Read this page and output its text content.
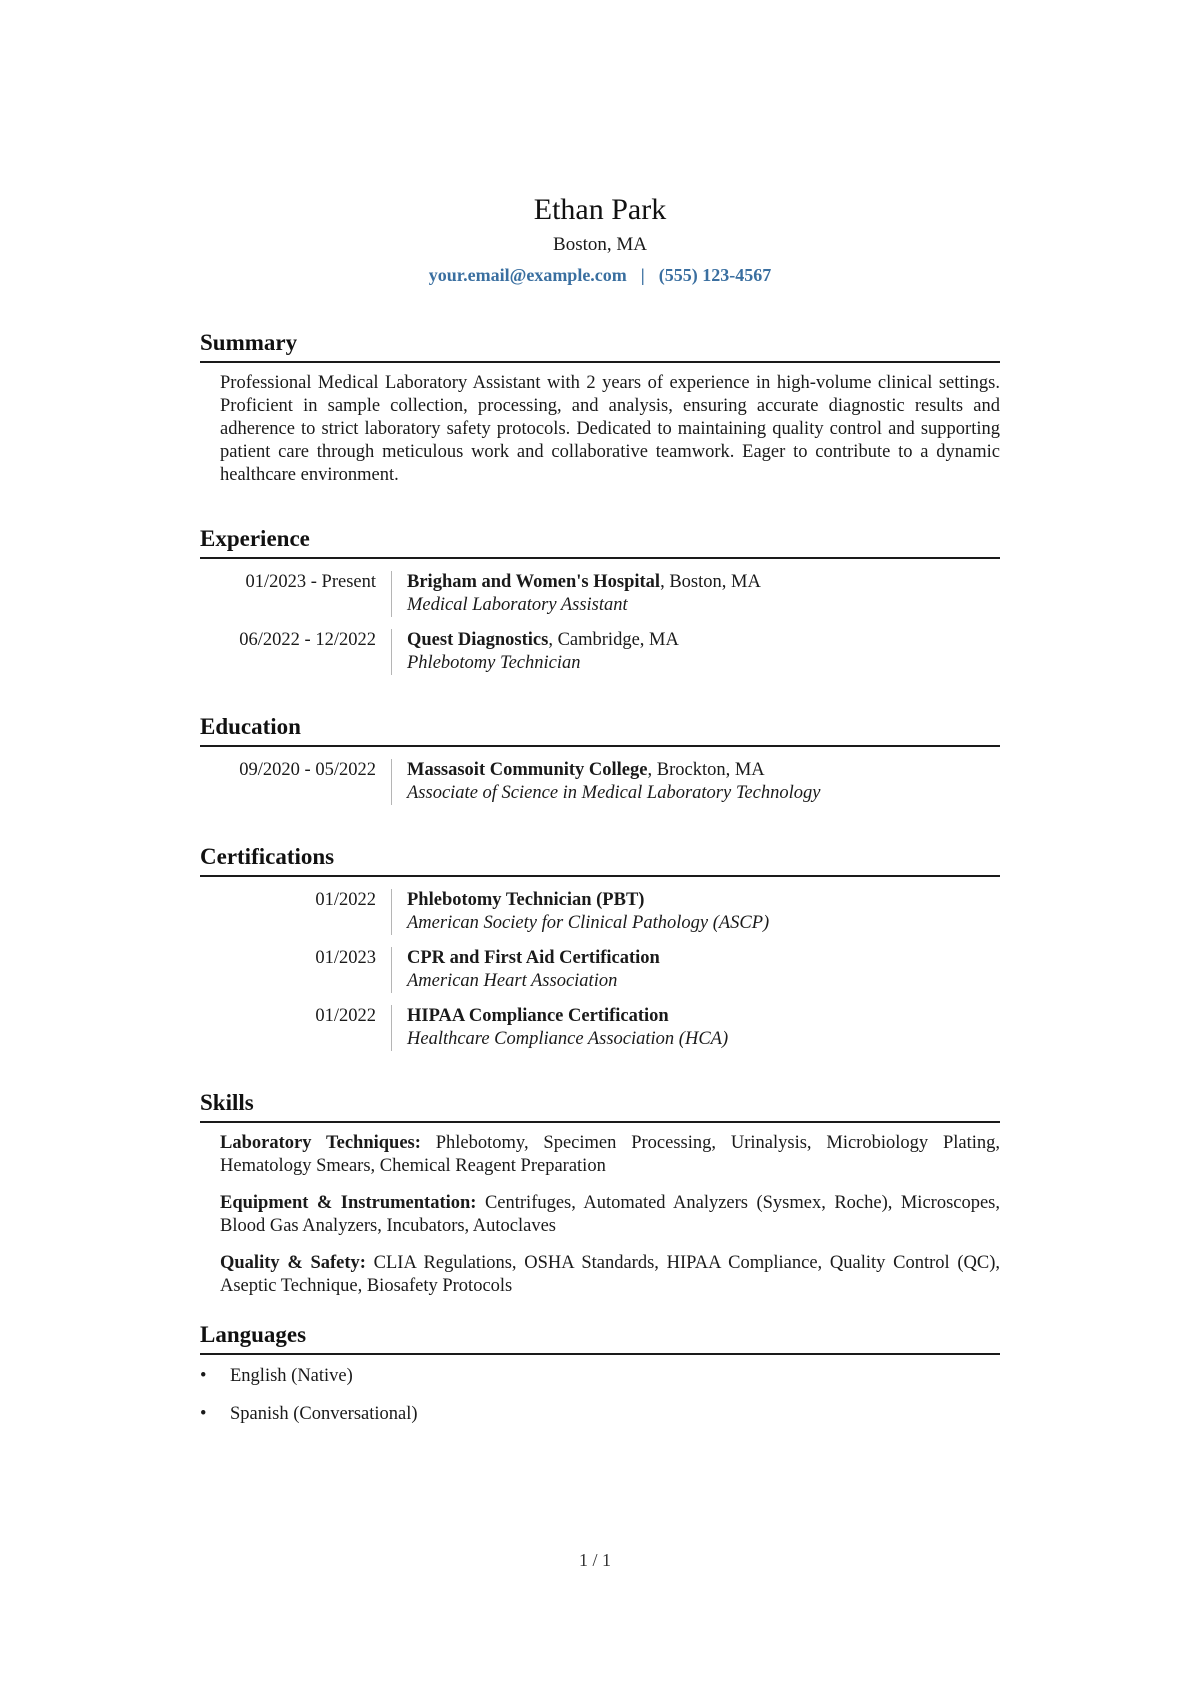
Ethan Park
Boston, MA
your.email@example.com | (555) 123-4567
Summary
Professional Medical Laboratory Assistant with 2 years of experience in high-volume clinical settings. Proficient in sample collection, processing, and analysis, ensuring accurate diagnostic results and adherence to strict laboratory safety protocols. Dedicated to maintaining quality control and supporting patient care through meticulous work and collaborative teamwork. Eager to contribute to a dynamic healthcare environment.
Experience
01/2023 - Present	Brigham and Women's Hospital, Boston, MA
Medical Laboratory Assistant
06/2022 - 12/2022	Quest Diagnostics, Cambridge, MA
Phlebotomy Technician
Education
09/2020 - 05/2022	Massasoit Community College, Brockton, MA
Associate of Science in Medical Laboratory Technology
Certifications
01/2022	Phlebotomy Technician (PBT)
American Society for Clinical Pathology (ASCP)
01/2023	CPR and First Aid Certification
American Heart Association
01/2022	HIPAA Compliance Certification
Healthcare Compliance Association (HCA)
Skills
Laboratory Techniques: Phlebotomy, Specimen Processing, Urinalysis, Microbiology Plating, Hematology Smears, Chemical Reagent Preparation
Equipment & Instrumentation: Centrifuges, Automated Analyzers (Sysmex, Roche), Microscopes, Blood Gas Analyzers, Incubators, Autoclaves
Quality & Safety: CLIA Regulations, OSHA Standards, HIPAA Compliance, Quality Control (QC), Aseptic Technique, Biosafety Protocols
Languages
• English (Native)
• Spanish (Conversational)
1 / 1
